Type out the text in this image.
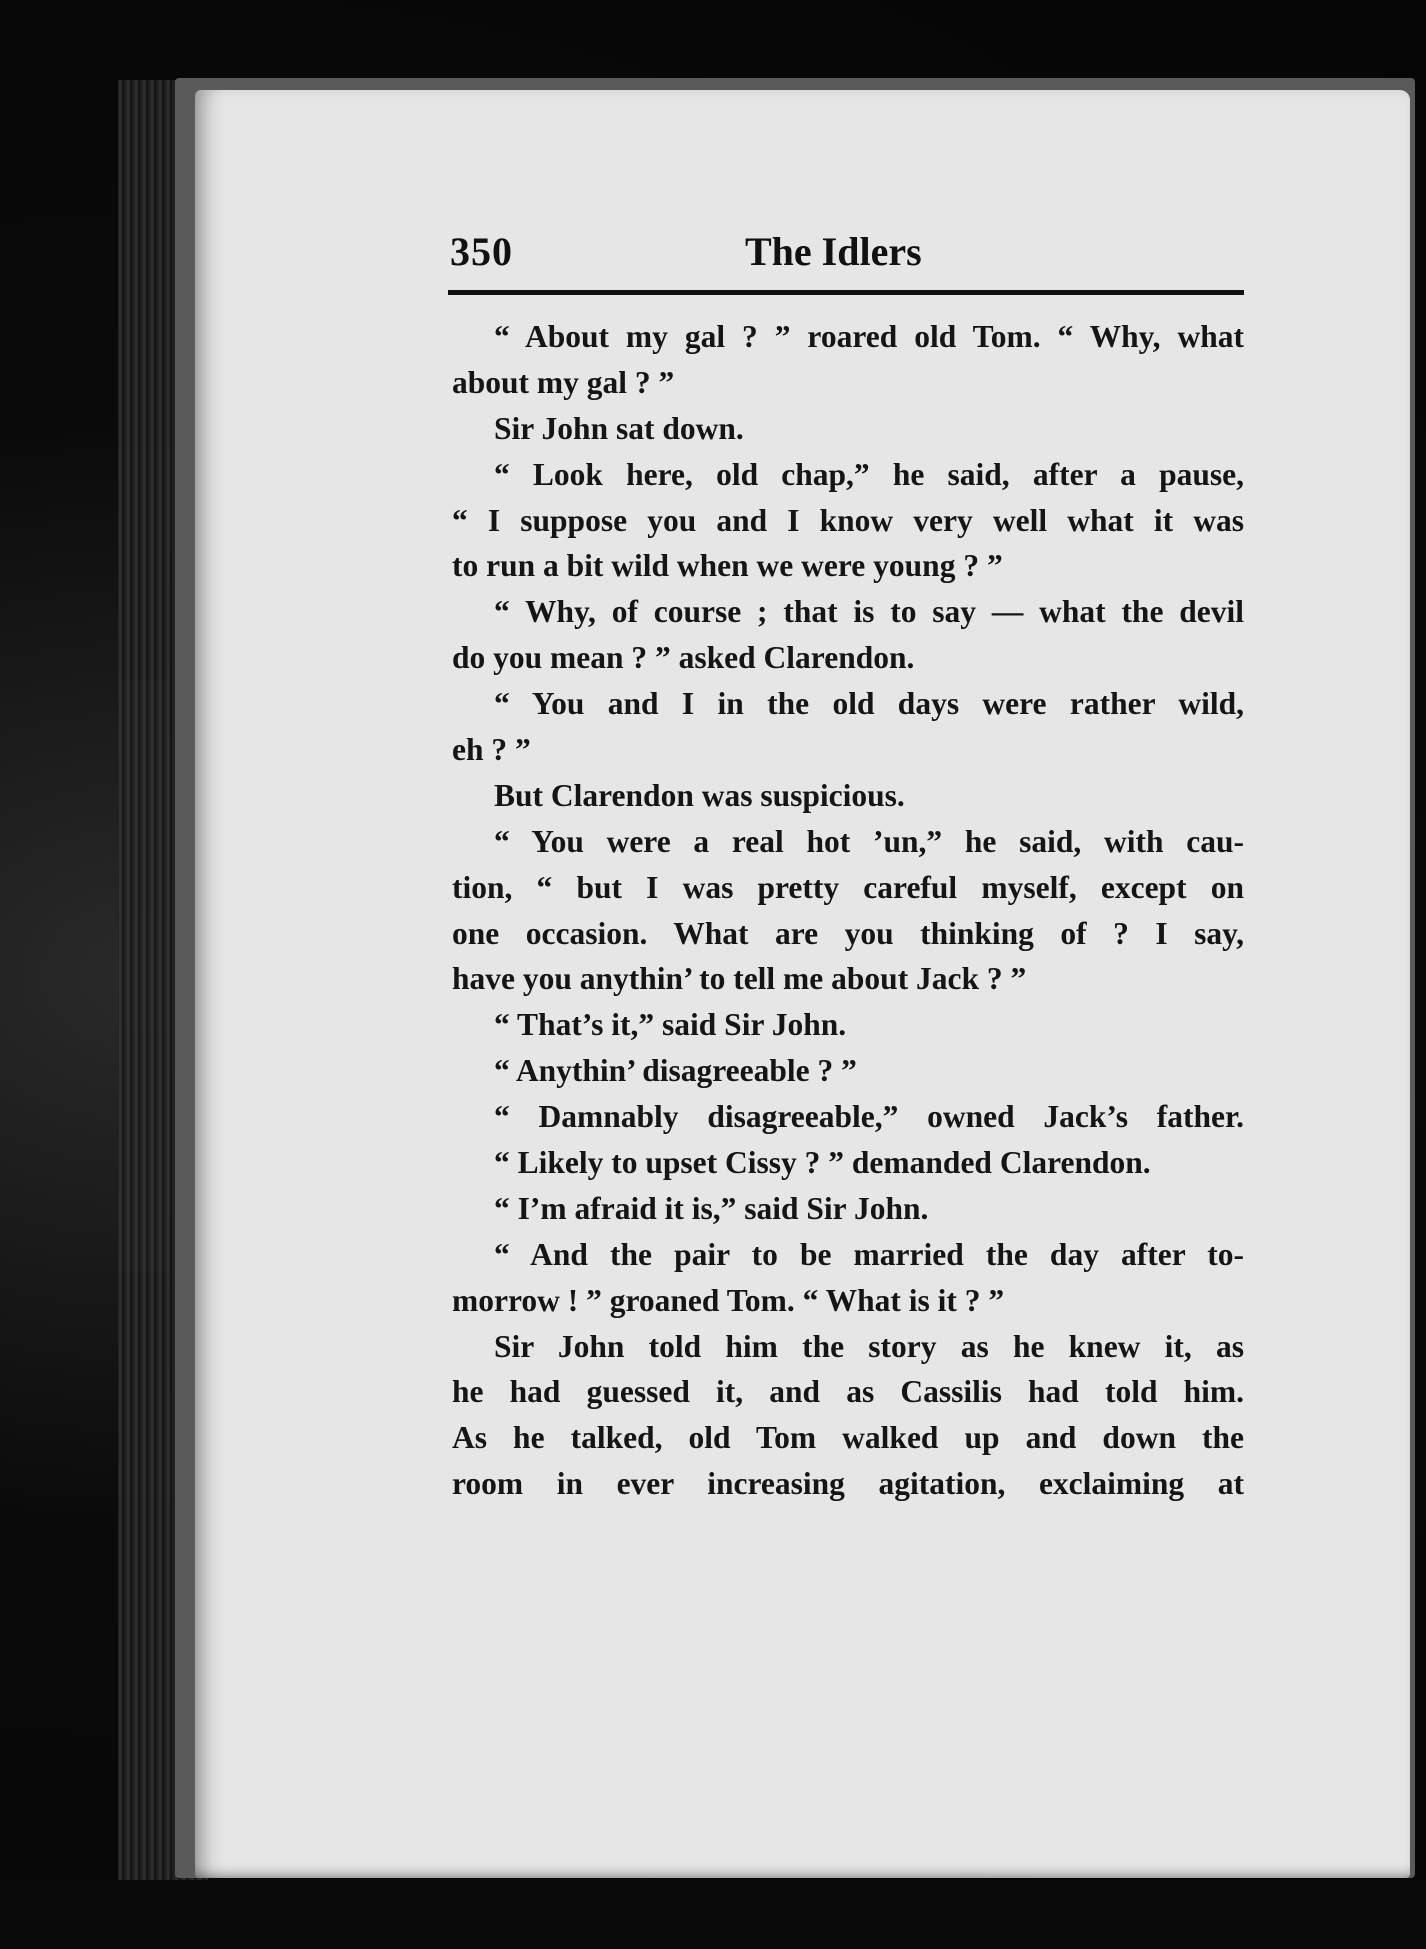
350	The Idlers
“ About my gal ? ” roared old Tom. “ Why, what
about my gal ? ”
Sir John sat down.
“ Look here, old chap,” he said, after a pause,
“ I suppose you and I know very well what it was
to run a bit wild when we were young ? ”
“ Why, of course ; that is to say — what the devil
do you mean ? ” asked Clarendon.
“ You and I in the old days were rather wild,
eh ? ”
But Clarendon was suspicious.
“ You were a real hot ’un,” he said, with cau-
tion, “ but I was pretty careful myself, except on
one occasion. What are you thinking of ? I say,
have you anythin’ to tell me about Jack ? ”
“ That’s it,” said Sir John.
“ Anythin’ disagreeable ? ”
“ Damnably disagreeable,” owned Jack’s father.
“ Likely to upset Cissy ? ” demanded Clarendon.
“ I’m afraid it is,” said Sir John.
“ And the pair to be married the day after to-
morrow ! ” groaned Tom. “ What is it ? ”
Sir John told him the story as he knew it, as
he had guessed it, and as Cassilis had told him.
As he talked, old Tom walked up and down the
room in ever increasing agitation, exclaiming at
